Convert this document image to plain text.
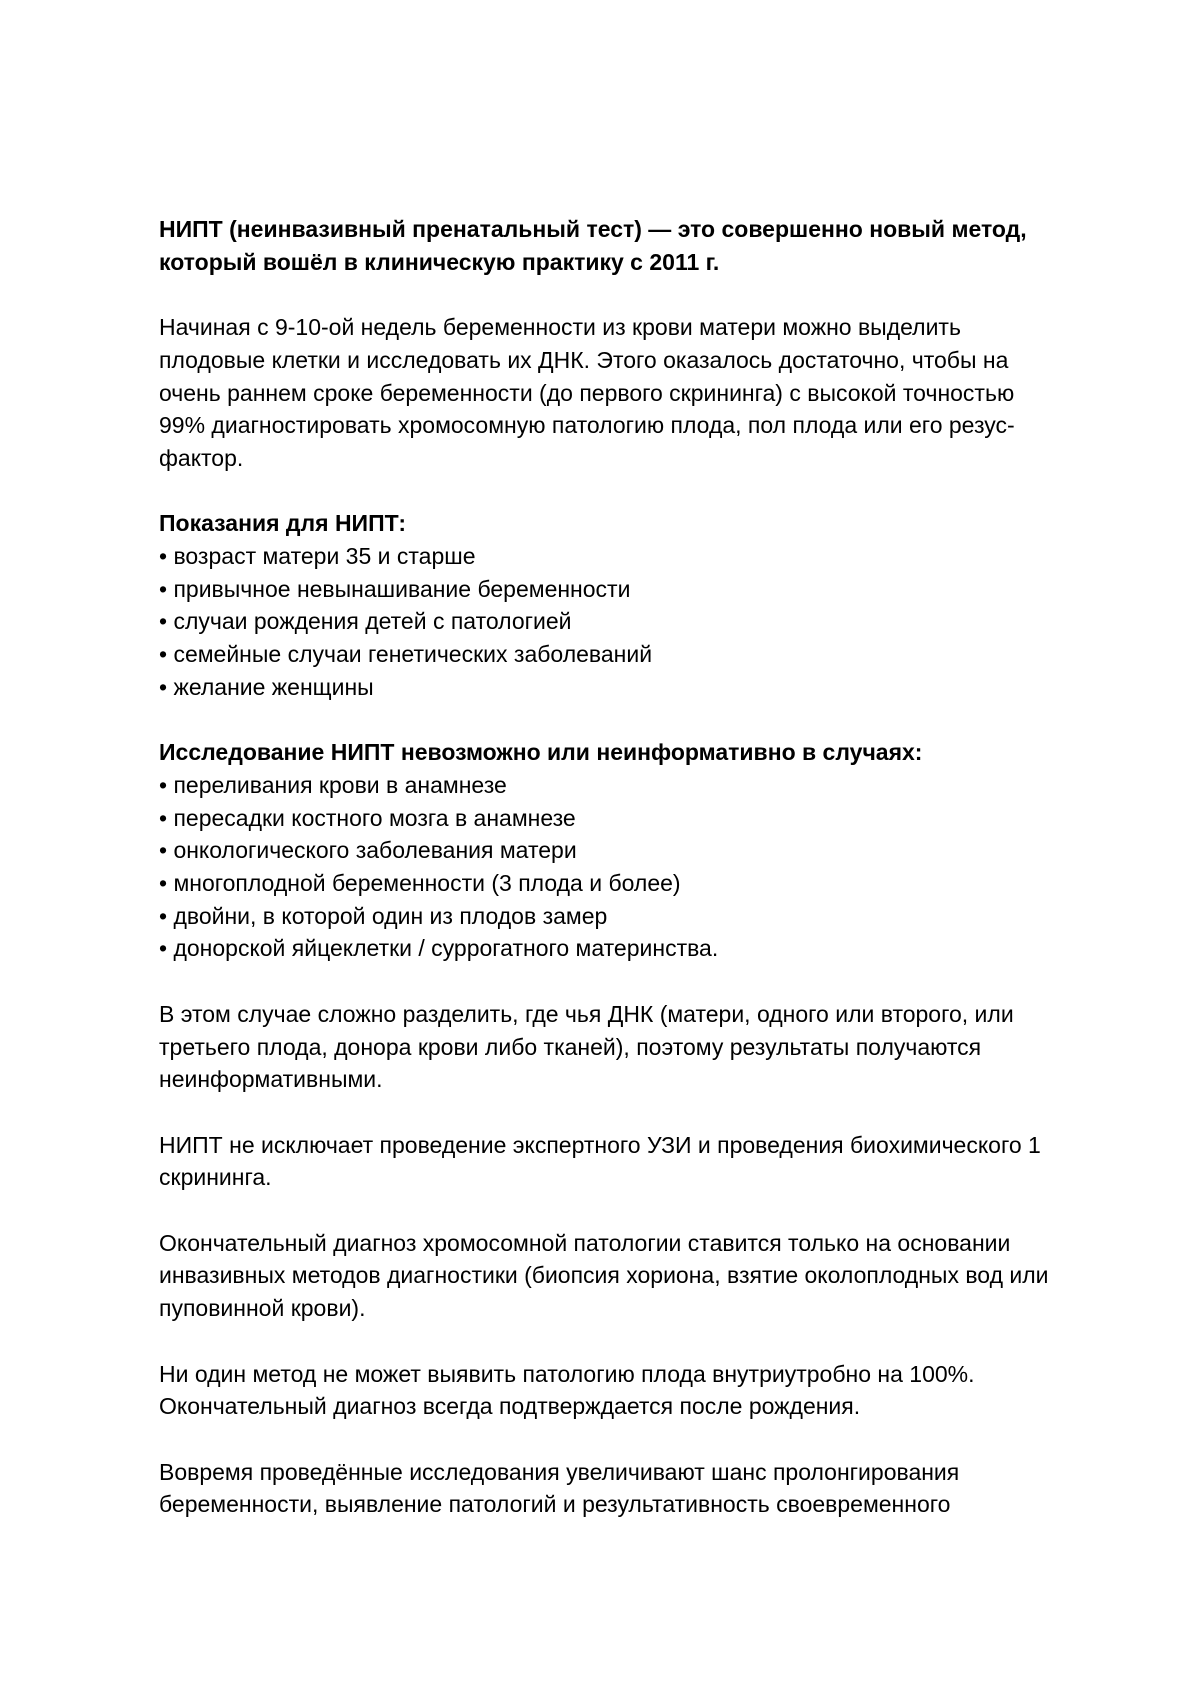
НИПТ (неинвазивный пренатальный тест) — это совершенно новый метод,
который вошёл в клиническую практику с 2011 г.
Начиная с 9-10-ой недель беременности из крови матери можно выделить
плодовые клетки и исследовать их ДНК. Этого оказалось достаточно, чтобы на
очень раннем сроке беременности (до первого скрининга) с высокой точностью
99% диагностировать хромосомную патологию плода, пол плода или его резус-
фактор.
Показания для НИПТ:
• возраст матери 35 и старше
• привычное невынашивание беременности
• случаи рождения детей с патологией
• семейные случаи генетических заболеваний
• желание женщины
Исследование НИПТ невозможно или неинформативно в случаях:
• переливания крови в анамнезе
• пересадки костного мозга в анамнезе
• онкологического заболевания матери
• многоплодной беременности (3 плода и более)
• двойни, в которой один из плодов замер
• донорской яйцеклетки / суррогатного материнства.
В этом случае сложно разделить, где чья ДНК (матери, одного или второго, или
третьего плода, донора крови либо тканей), поэтому результаты получаются
неинформативными.
НИПТ не исключает проведение экспертного УЗИ и проведения биохимического 1
скрининга.
Окончательный диагноз хромосомной патологии ставится только на основании
инвазивных методов диагностики (биопсия хориона, взятие околоплодных вод или
пуповинной крови).
Ни один метод не может выявить патологию плода внутриутробно на 100%.
Окончательный диагноз всегда подтверждается после рождения.
Вовремя проведённые исследования увеличивают шанс пролонгирования
беременности, выявление патологий и результативность своевременного
